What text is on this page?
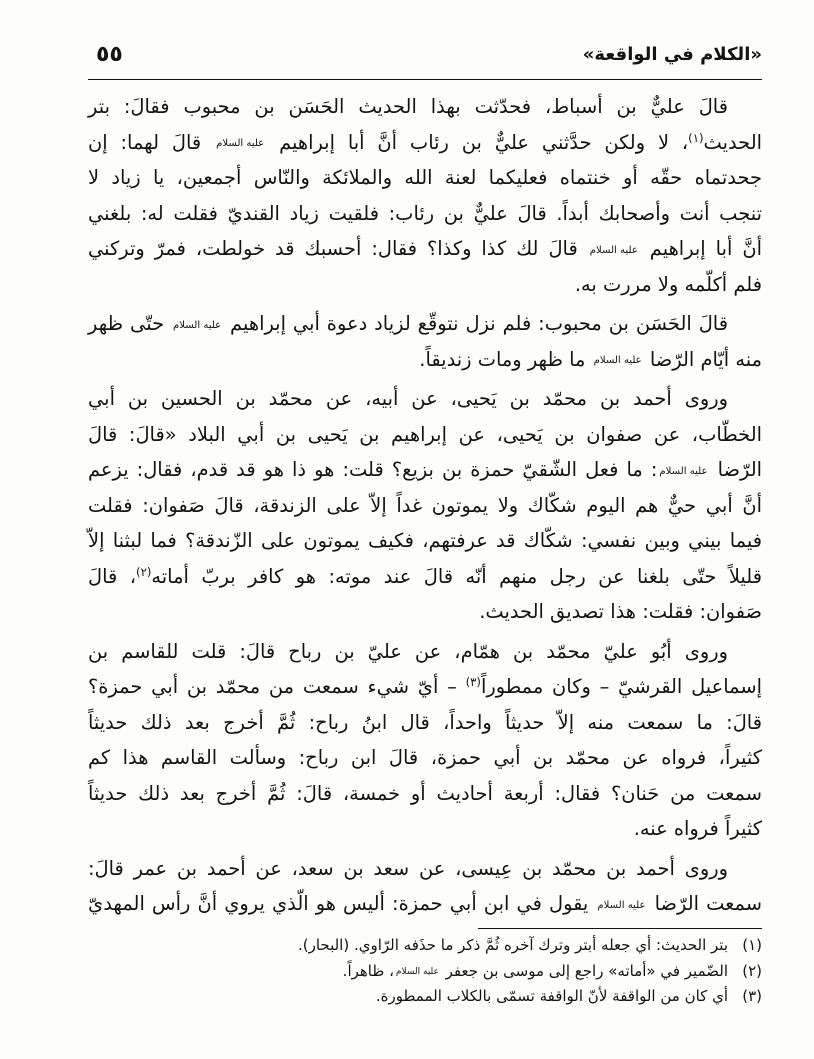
«الكلام في الواقعة»
٥٥
قالَ عليٌّ بن أسباط، فحدّثت بهذا الحديث الحَسَن بن محبوب فقالَ: بتر
الحديث$^{(١)}$، لا ولكن حدَّثني عليٌّ بن رئاب أنَّ أبا إبراهيم عليه السلام قالَ لهما: إن
جحدتماه حقّه أو خنتماه فعليكما لعنة الله والملائكة والنّاس أجمعين، يا زياد لا
تنجب أنت وأصحابك أبداً. قالَ عليٌّ بن رئاب: فلقيت زياد القنديّ فقلت له: بلغني
أنَّ أبا إبراهيم عليه السلام قالَ لك كذا وكذا؟ فقال: أحسبك قد خولطت، فمرّ وتركني
فلم أكلّمه ولا مررت به.
قالَ الحَسَن بن محبوب: فلم نزل نتوقّع لزياد دعوة أبي إبراهيم عليه السلام حتّى ظهر
منه أيّام الرّضا عليه السلام ما ظهر ومات زنديقاً.
وروى أحمد بن محمّد بن يَحيى، عن أبيه، عن محمّد بن الحسين بن أبي
الخطّاب، عن صفوان بن يَحيى، عن إبراهيم بن يَحيى بن أبي البلاد «قالَ: قالَ
الرّضا عليه السلام: ما فعل الشّقيّ حمزة بن بزيع؟ قلت: هو ذا هو قد قدم، فقال: يزعم
أنَّ أبي حيٌّ هم اليوم شكّاك ولا يموتون غداً إلاّ على الزندقة، قالَ صَفوان: فقلت
فيما بيني وبين نفسي: شكّاك قد عرفتهم، فكيف يموتون على الزّندقة؟ فما لبثنا إلاّ
قليلاً حتّى بلغنا عن رجل منهم أنّه قالَ عند موته: هو كافر بربّ أماته$^{(٢)}$، قالَ
صَفوان: فقلت: هذا تصديق الحديث.
وروى أبُو عليّ محمّد بن همّام، عن عليّ بن رباح قالَ: قلت للقاسم بن
إسماعيل القرشيّ – وكان ممطوراً$^{(٣)}$ – أيّ شيء سمعت من محمّد بن أبي حمزة؟
قالَ: ما سمعت منه إلاّ حديثاً واحداً، قال ابنُ رباح: ثُمَّ أخرج بعد ذلك حديثاً
كثيراً، فرواه عن محمّد بن أبي حمزة، قالَ ابن رباح: وسألت القاسم هذا كم
سمعت من حَنان؟ فقال: أربعة أحاديث أو خمسة، قالَ: ثُمَّ أخرج بعد ذلك حديثاً
كثيراً فرواه عنه.
وروى أحمد بن محمّد بن عِيسى، عن سعد بن سعد، عن أحمد بن عمر قالَ:
سمعت الرّضا عليه السلام يقول في ابن أبي حمزة: أليس هو الّذي يروي أنَّ رأس المهديّ
(١)بتر الحديث: أي جعله أبتر وترك آخره ثُمَّ ذكر ما حذَفه الرّاوي. (البحار).
(٢)الضّمير في «أماته» راجع إلى موسى بن جعفر عليه السلام، ظاهراً.
(٣)أي كان من الواقفة لأنّ الواقفة تسمّى بالكلاب الممطورة.
